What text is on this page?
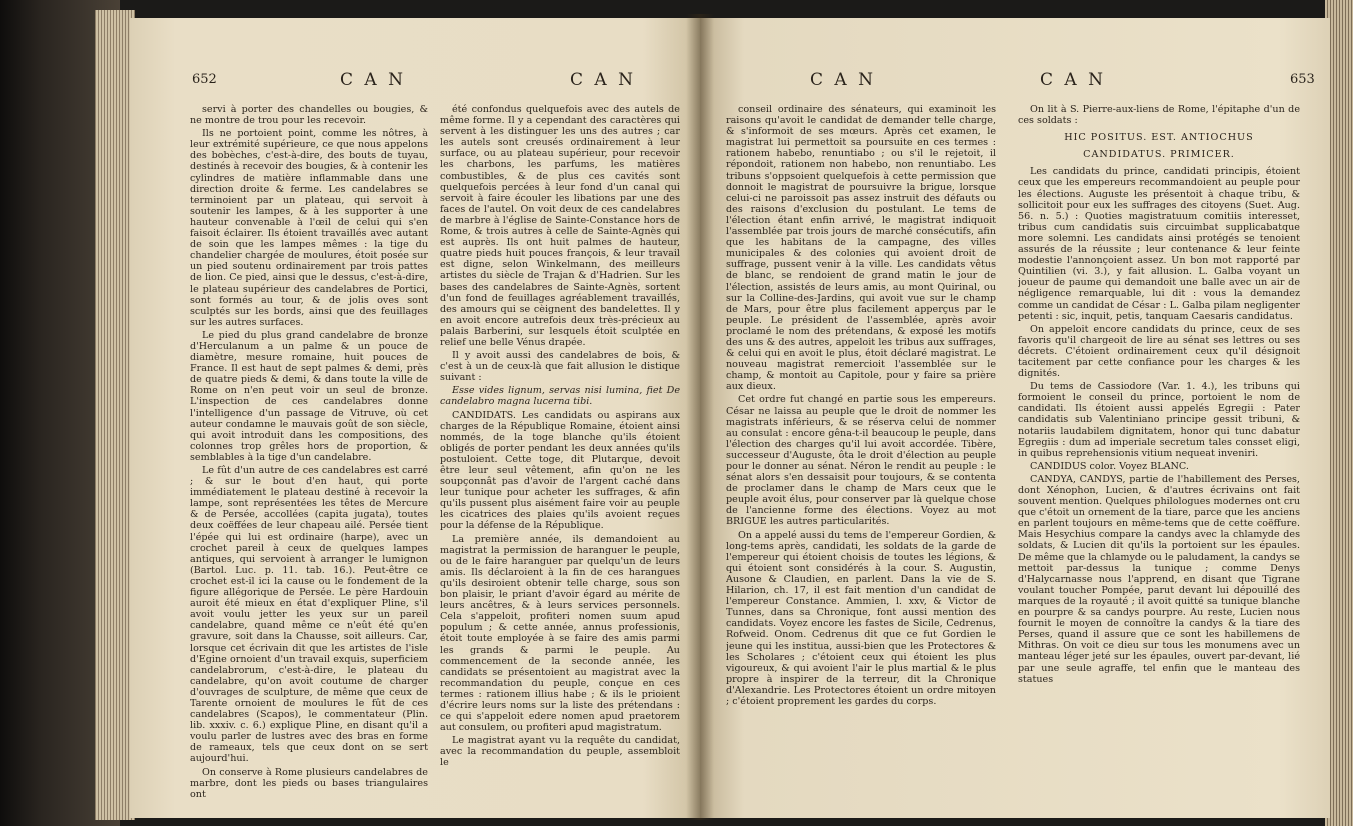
652	C A N	C A N

servi à porter des chandelles ou bougies, & ne montre de trou pour les recevoir.

Ils ne portoient point, comme les nôtres, à leur extrémité supérieure, ce que nous appelons des bobèches, c'est-à-dire, des bouts de tuyau, destinés à recevoir des bougies, & à contenir les cylindres de matière inflammable dans une direction droite & ferme. Les candelabres se terminoient par un plateau, qui servoit à soutenir les lampes, & à les supporter à une hauteur convenable à l'œil de celui qui s'en faisoit éclairer. Ils étoient travaillés avec autant de soin que les lampes mêmes : la tige du chandelier chargée de moulures, étoit posée sur un pied soutenu ordinairement par trois pattes de lion. Ce pied, ainsi que le dessus, c'est-à-dire, le plateau supérieur des candelabres de Portici, sont formés au tour, & de jolis oves sont sculptés sur les bords, ainsi que des feuillages sur les autres surfaces.

Le pied du plus grand candelabre de bronze d'Herculanum a un palme & un pouce de diamètre, mesure romaine, huit pouces de France. Il est haut de sept palmes & demi, près de quatre pieds & demi, & dans toute la ville de Rome on n'en peut voir un seul de bronze. L'inspection de ces candelabres donne l'intelligence d'un passage de Vitruve, où cet auteur condamne le mauvais goût de son siècle, qui avoit introduit dans les compositions, des colonnes trop grêles hors de proportion, & semblables à la tige d'un candelabre.

Le fût d'un autre de ces candelabres est carré ; & sur le bout d'en haut, qui porte immédiatement le plateau destiné à recevoir la lampe, sont représentées les têtes de Mercure & de Persée, accollées (capita jugata), toutes deux coëffées de leur chapeau ailé. Persée tient l'épée qui lui est ordinaire (harpe), avec un crochet pareil à ceux de quelques lampes antiques, qui servoient à arranger le lumignon (Bartol. Luc. p. 11. tab. 16.). Peut-être ce crochet est-il ici la cause ou le fondement de la figure allégorique de Persée. Le père Hardouin auroit été mieux en état d'expliquer Pline, s'il avoit voulu jetter les yeux sur un pareil candelabre, quand même ce n'eût été qu'en gravure, soit dans la Chausse, soit ailleurs. Car, lorsque cet écrivain dit que les artistes de l'isle d'Egine ornoient d'un travail exquis, superficiem candelabrorum, c'est-à-dire, le plateau du candelabre, qu'on avoit coutume de charger d'ouvrages de sculpture, de même que ceux de Tarente ornoient de moulures le fût de ces candelabres (Scapos), le commentateur (Plin. lib. xxxiv. c. 6.) explique Pline, en disant qu'il a voulu parler de lustres avec des bras en forme de rameaux, tels que ceux dont on se sert aujourd'hui.

On conserve à Rome plusieurs candelabres de marbre, dont les pieds ou bases triangulaires ont

été confondus quelquefois avec des autels de même forme. Il y a cependant des caractères qui servent à les distinguer les uns des autres ; car les autels sont creusés ordinairement à leur surface, ou au plateau supérieur, pour recevoir les charbons, les parfums, les matières combustibles, & de plus ces cavités sont quelquefois percées à leur fond d'un canal qui servoit à faire écouler les libations par une des faces de l'autel. On voit deux de ces candelabres de marbre à l'église de Sainte-Constance hors de Rome, & trois autres à celle de Sainte-Agnès qui est auprès. Ils ont huit palmes de hauteur, quatre pieds huit pouces françois, & leur travail est digne, selon Winkelmann, des meilleurs artistes du siècle de Trajan & d'Hadrien. Sur les bases des candelabres de Sainte-Agnès, sortent d'un fond de feuillages agréablement travaillés, des amours qui se cèignent des bandelettes. Il y en avoit encore autrefois deux très-précieux au palais Barberini, sur lesquels étoit sculptée en relief une belle Vénus drapée.

Il y avoit aussi des candelabres de bois, & c'est à un de ceux-là que fait allusion le distique suivant :

Esse vides lignum, servas nisi lumina, fiet De candelabro magna lucerna tibi.

CANDIDATS. Les candidats ou aspirans aux charges de la République Romaine, étoient ainsi nommés, de la toge blanche qu'ils étoient obligés de porter pendant les deux années qu'ils postuloient. Cette toge, dit Plutarque, devoit être leur seul vêtement, afin qu'on ne les soupçonnât pas d'avoir de l'argent caché dans leur tunique pour acheter les suffrages, & afin qu'ils pussent plus aisément faire voir au peuple les cicatrices des plaies qu'ils avoient reçues pour la défense de la République.

La première année, ils demandoient au magistrat la permission de haranguer le peuple, ou de le faire haranguer par quelqu'un de leurs amis. Ils déclaroient à la fin de ces harangues qu'ils desiroient obtenir telle charge, sous son bon plaisir, le priant d'avoir égard au mérite de leurs ancêtres, & à leurs services personnels. Cela s'appeloit, profiteri nomen suum apud populum ; & cette année, annus professionis, étoit toute employée à se faire des amis parmi les grands & parmi le peuple. Au commencement de la seconde année, les candidats se présentoient au magistrat avec la recommandation du peuple, conçue en ces termes : rationem illius habe ; & ils le prioient d'écrire leurs noms sur la liste des prétendans : ce qui s'appeloit edere nomen apud praetorem aut consulem, ou profiteri apud magistratum.

Le magistrat ayant vu la requête du candidat, avec la recommandation du peuple, assembloit le

C A N	C A N	653

conseil ordinaire des sénateurs, qui examinoit les raisons qu'avoit le candidat de demander telle charge, & s'informoit de ses mœurs. Après cet examen, le magistrat lui permettoit sa poursuite en ces termes : rationem habebo, renuntiabo ; ou s'il le rejetoit, il répondoit, rationem non habebo, non renuntiabo. Les tribuns s'oppsoient quelquefois à cette permission que donnoit le magistrat de poursuivre la brigue, lorsque celui-ci ne paroissoit pas assez instruit des défauts ou des raisons d'exclusion du postulant. Le tems de l'élection étant enfin arrivé, le magistrat indiquoit l'assemblée par trois jours de marché consécutifs, afin que les habitans de la campagne, des villes municipales & des colonies qui avoient droit de suffrage, pussent venir à la ville. Les candidats vêtus de blanc, se rendoient de grand matin le jour de l'élection, assistés de leurs amis, au mont Quirinal, ou sur la Colline-des-Jardins, qui avoit vue sur le champ de Mars, pour être plus facilement apperçus par le peuple. Le président de l'assemblée, après avoir proclamé le nom des prétendans, & exposé les motifs des uns & des autres, appeloit les tribus aux suffrages, & celui qui en avoit le plus, étoit déclaré magistrat. Le nouveau magistrat remercioit l'assemblée sur le champ, & montoit au Capitole, pour y faire sa prière aux dieux.

Cet ordre fut changé en partie sous les empereurs. César ne laissa au peuple que le droit de nommer les magistrats inférieurs, & se réserva celui de nommer au consulat : encore gêna-t-il beaucoup le peuple, dans l'élection des charges qu'il lui avoit accordée. Tibère, successeur d'Auguste, ôta le droit d'élection au peuple pour le donner au sénat. Néron le rendit au peuple : le sénat alors s'en dessaisit pour toujours, & se contenta de proclamer dans le champ de Mars ceux que le peuple avoit élus, pour conserver par là quelque chose de l'ancienne forme des élections. Voyez au mot BRIGUE les autres particularités.

On a appelé aussi du tems de l'empereur Gordien, & long-tems après, candidati, les soldats de la garde de l'empereur qui étoient choisis de toutes les légions, & qui étoient sont considérés à la cour. S. Augustin, Ausone & Claudien, en parlent. Dans la vie de S. Hilarion, ch. 17, il est fait mention d'un candidat de l'empereur Constance. Ammien, l. xxv, & Victor de Tunnes, dans sa Chronique, font aussi mention des candidats. Voyez encore les fastes de Sicile, Cedrenus, Rofweid. Onom. Cedrenus dit que ce fut Gordien le jeune qui les institua, aussi-bien que les Protectores & les Scholares ; c'étoient ceux qui étoient les plus vigoureux, & qui avoient l'air le plus martial & le plus propre à inspirer de la terreur, dit la Chronique d'Alexandrie. Les Protectores étoient un ordre mitoyen ; c'étoient proprement les gardes du corps.

On lit à S. Pierre-aux-liens de Rome, l'épitaphe d'un de ces soldats :

HIC POSITUS. EST. ANTIOCHUS

CANDIDATUS. PRIMICER.

Les candidats du prince, candidati principis, étoient ceux que les empereurs recommandoient au peuple pour les élections. Auguste les présentoit à chaque tribu, & sollicitoit pour eux les suffrages des citoyens (Suet. Aug. 56. n. 5.) : Quoties magistratuum comitiis interesset, tribus cum candidatis suis circuimbat supplicabatque more solemni. Les candidats ainsi protégés se tenoient assurés de la réussite ; leur contenance & leur feinte modestie l'annonçoient assez. Un bon mot rapporté par Quintilien (vi. 3.), y fait allusion. L. Galba voyant un joueur de paume qui demandoit une balle avec un air de négligence remarquable, lui dit : vous la demandez comme un candidat de César : L. Galba pilam negligenter petenti : sic, inquit, petis, tanquam Caesaris candidatus.

On appeloit encore candidats du prince, ceux de ses favoris qu'il chargeoit de lire au sénat ses lettres ou ses décrets. C'étoient ordinairement ceux qu'il désignoit tacitement par cette confiance pour les charges & les dignités.

Du tems de Cassiodore (Var. 1. 4.), les tribuns qui formoient le conseil du prince, portoient le nom de candidati. Ils étoient aussi appelés Egregii : Pater candidatis sub Valentiniano principe gessit tribuni, & notariis laudabilem dignitatem, honor qui tunc dabatur Egregiis : dum ad imperiale secretum tales consset eligi, in quibus reprehensionis vitium nequeat inveniri.

CANDIDUS color. Voyez BLANC.

CANDYA, CANDYS, partie de l'habillement des Perses, dont Xénophon, Lucien, & d'autres écrivains ont fait souvent mention. Quelques philologues modernes ont cru que c'étoit un ornement de la tiare, parce que les anciens en parlent toujours en même-tems que de cette coëffure. Mais Hesychius compare la candys avec la chlamyde des soldats, & Lucien dit qu'ils la portoient sur les épaules. De même que la chlamyde ou le paludament, la candys se mettoit par-dessus la tunique ; comme Denys d'Halycarnasse nous l'apprend, en disant que Tigrane voulant toucher Pompée, parut devant lui dépouillé des marques de la royauté ; il avoit quitté sa tunique blanche en pourpre & sa candys pourpre. Au reste, Lucien nous fournit le moyen de connoître la candys & la tiare des Perses, quand il assure que ce sont les habillemens de Mithras. On voit ce dieu sur tous les monumens avec un manteau léger jeté sur les épaules, ouvert par-devant, lié par une seule agraffe, tel enfin que le manteau des statues
